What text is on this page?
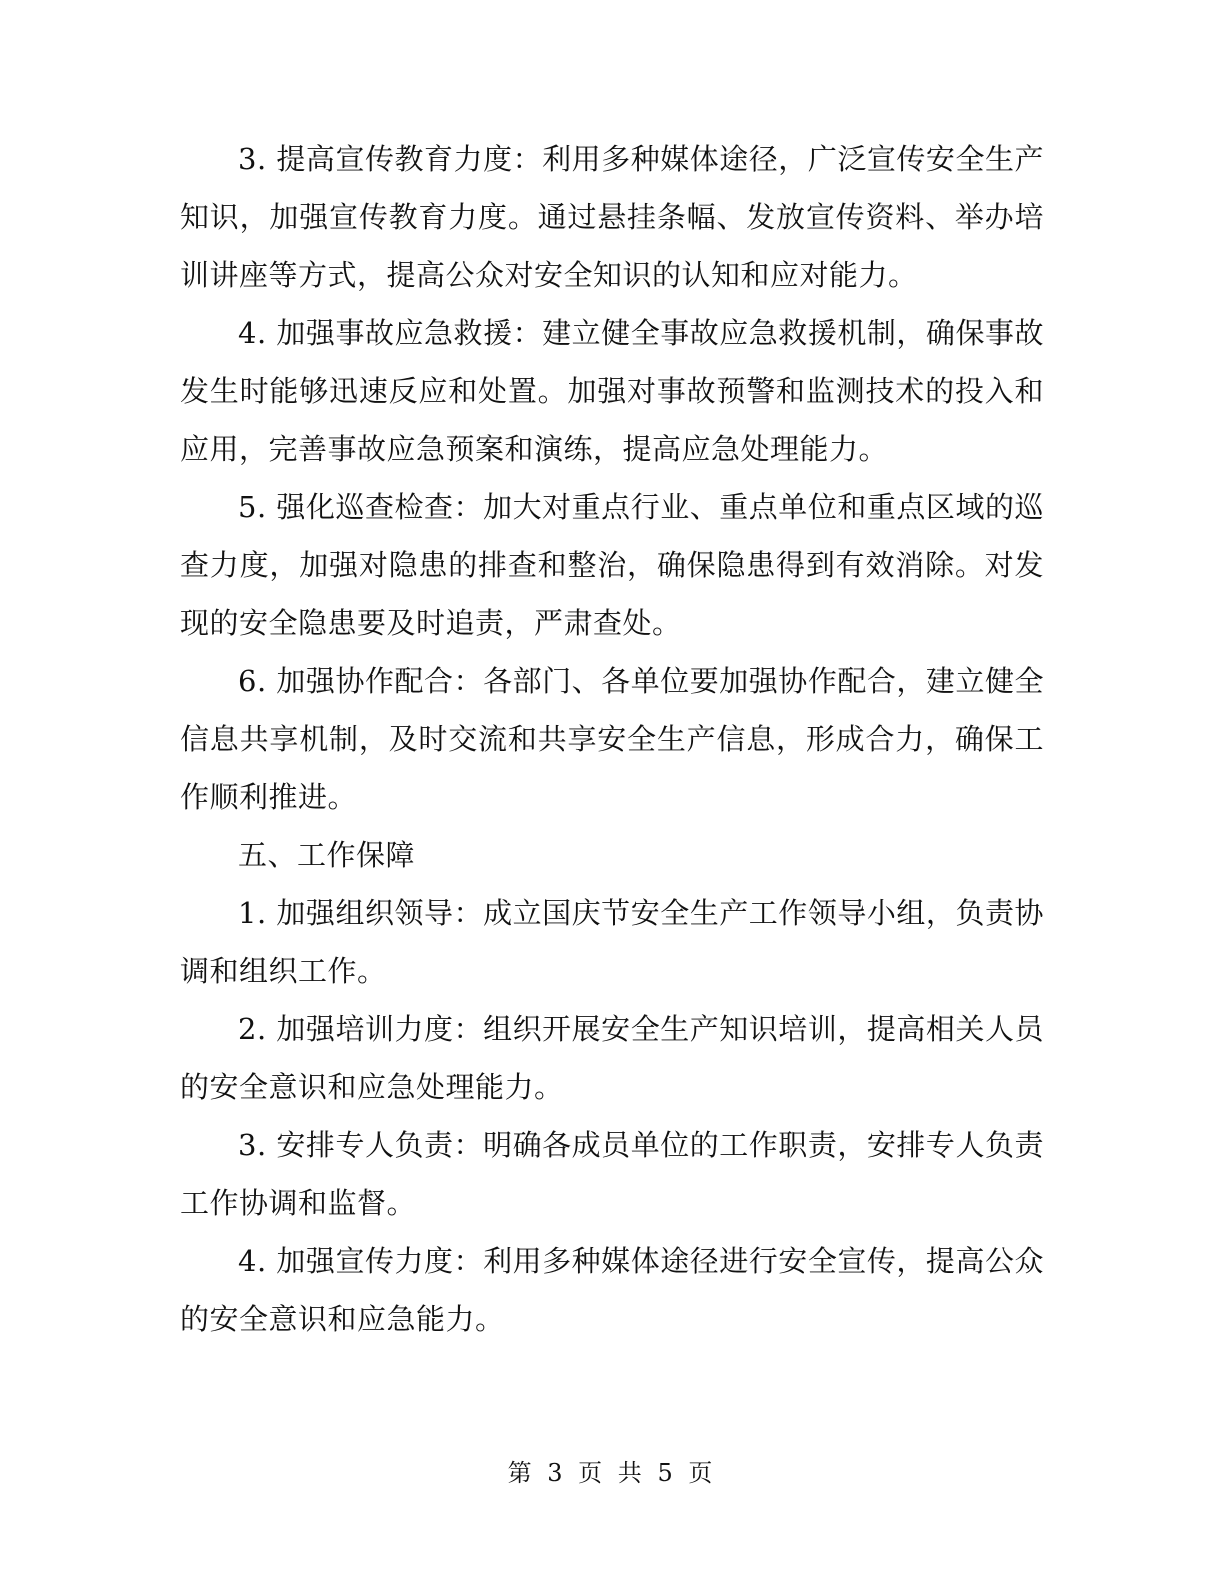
3. 提高宣传教育力度：利用多种媒体途径，广泛宣传安全生产知识，加强宣传教育力度。通过悬挂条幅、发放宣传资料、举办培训讲座等方式，提高公众对安全知识的认知和应对能力。

4. 加强事故应急救援：建立健全事故应急救援机制，确保事故发生时能够迅速反应和处置。加强对事故预警和监测技术的投入和应用，完善事故应急预案和演练，提高应急处理能力。

5. 强化巡查检查：加大对重点行业、重点单位和重点区域的巡查力度，加强对隐患的排查和整治，确保隐患得到有效消除。对发现的安全隐患要及时追责，严肃查处。

6. 加强协作配合：各部门、各单位要加强协作配合，建立健全信息共享机制，及时交流和共享安全生产信息，形成合力，确保工作顺利推进。

五、工作保障

1. 加强组织领导：成立国庆节安全生产工作领导小组，负责协调和组织工作。

2. 加强培训力度：组织开展安全生产知识培训，提高相关人员的安全意识和应急处理能力。

3. 安排专人负责：明确各成员单位的工作职责，安排专人负责工作协调和监督。

4. 加强宣传力度：利用多种媒体途径进行安全宣传，提高公众的安全意识和应急能力。

第 3 页 共 5 页
